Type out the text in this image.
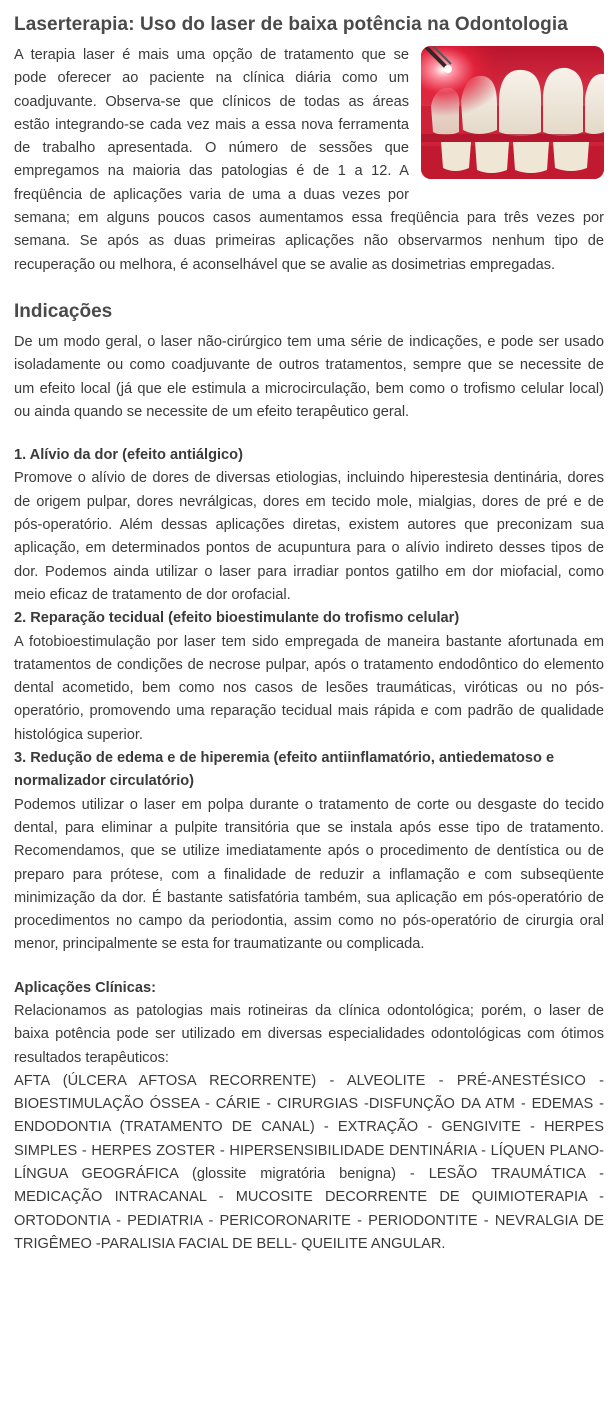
Laserterapia: Uso do laser de baixa potência na Odontologia

A terapia laser é mais uma opção de tratamento que se pode oferecer ao paciente na clínica diária como um coadjuvante. Observa-se que clínicos de todas as áreas estão integrando-se cada vez mais a essa nova ferramenta de trabalho apresentada. O número de sessões que empregamos na maioria das patologias é de 1 a 12. A freqüência de aplicações varia de uma a duas vezes por semana; em alguns poucos casos aumentamos essa freqüência para três vezes por semana. Se após as duas primeiras aplicações não observarmos nenhum tipo de recuperação ou melhora, é aconselhável que se avalie as dosimetrias empregadas.

Indicações

De um modo geral, o laser não-cirúrgico tem uma série de indicações, e pode ser usado isoladamente ou como coadjuvante de outros tratamentos, sempre que se necessite de um efeito local (já que ele estimula a microcirculação, bem como o trofismo celular local) ou ainda quando se necessite de um efeito terapêutico geral.

1. Alívio da dor (efeito antiálgico)

Promove o alívio de dores de diversas etiologias, incluindo hiperestesia dentinária, dores de origem pulpar, dores nevrálgicas, dores em tecido mole, mialgias, dores de pré e de pós-operatório. Além dessas aplicações diretas, existem autores que preconizam sua aplicação, em determinados pontos de acupuntura para o alívio indireto desses tipos de dor. Podemos ainda utilizar o laser para irradiar pontos gatilho em dor miofacial, como meio eficaz de tratamento de dor orofacial.

2. Reparação tecidual (efeito bioestimulante do trofismo celular)

A fotobioestimulação por laser tem sido empregada de maneira bastante afortunada em tratamentos de condições de necrose pulpar, após o tratamento endodôntico do elemento dental acometido, bem como nos casos de lesões traumáticas, viróticas ou no pós-operatório, promovendo uma reparação tecidual mais rápida e com padrão de qualidade histológica superior.

3. Redução de edema e de hiperemia (efeito antiinflamatório, antiedematoso e normalizador circulatório)

Podemos utilizar o laser em polpa durante o tratamento de corte ou desgaste do tecido dental, para eliminar a pulpite transitória que se instala após esse tipo de tratamento. Recomendamos, que se utilize imediatamente após o procedimento de dentística ou de preparo para prótese, com a finalidade de reduzir a inflamação e com subseqüente minimização da dor. É bastante satisfatória também, sua aplicação em pós-operatório de procedimentos no campo da periodontia, assim como no pós-operatório de cirurgia oral menor, principalmente se esta for traumatizante ou complicada.

Aplicações Clínicas:

Relacionamos as patologias mais rotineiras da clínica odontológica; porém, o laser de baixa potência pode ser utilizado em diversas especialidades odontológicas com ótimos resultados terapêuticos:

AFTA (ÚLCERA AFTOSA RECORRENTE) - ALVEOLITE - PRÉ-ANESTÉSICO - BIOESTIMULAÇÃO ÓSSEA - CÁRIE - CIRURGIAS -DISFUNÇÃO DA ATM - EDEMAS - ENDODONTIA (TRATAMENTO DE CANAL) - EXTRAÇÃO - GENGIVITE - HERPES SIMPLES - HERPES ZOSTER - HIPERSENSIBILIDADE DENTINÁRIA - LÍQUEN PLANO-LÍNGUA GEOGRÁFICA (glossite migratória benigna) - LESÃO TRAUMÁTICA - MEDICAÇÃO INTRACANAL - MUCOSITE DECORRENTE DE QUIMIOTERAPIA - ORTODONTIA - PEDIATRIA - PERICORONARITE - PERIODONTITE - NEVRALGIA DE TRIGÊMEO -PARALISIA FACIAL DE BELL- QUEILITE ANGULAR.
